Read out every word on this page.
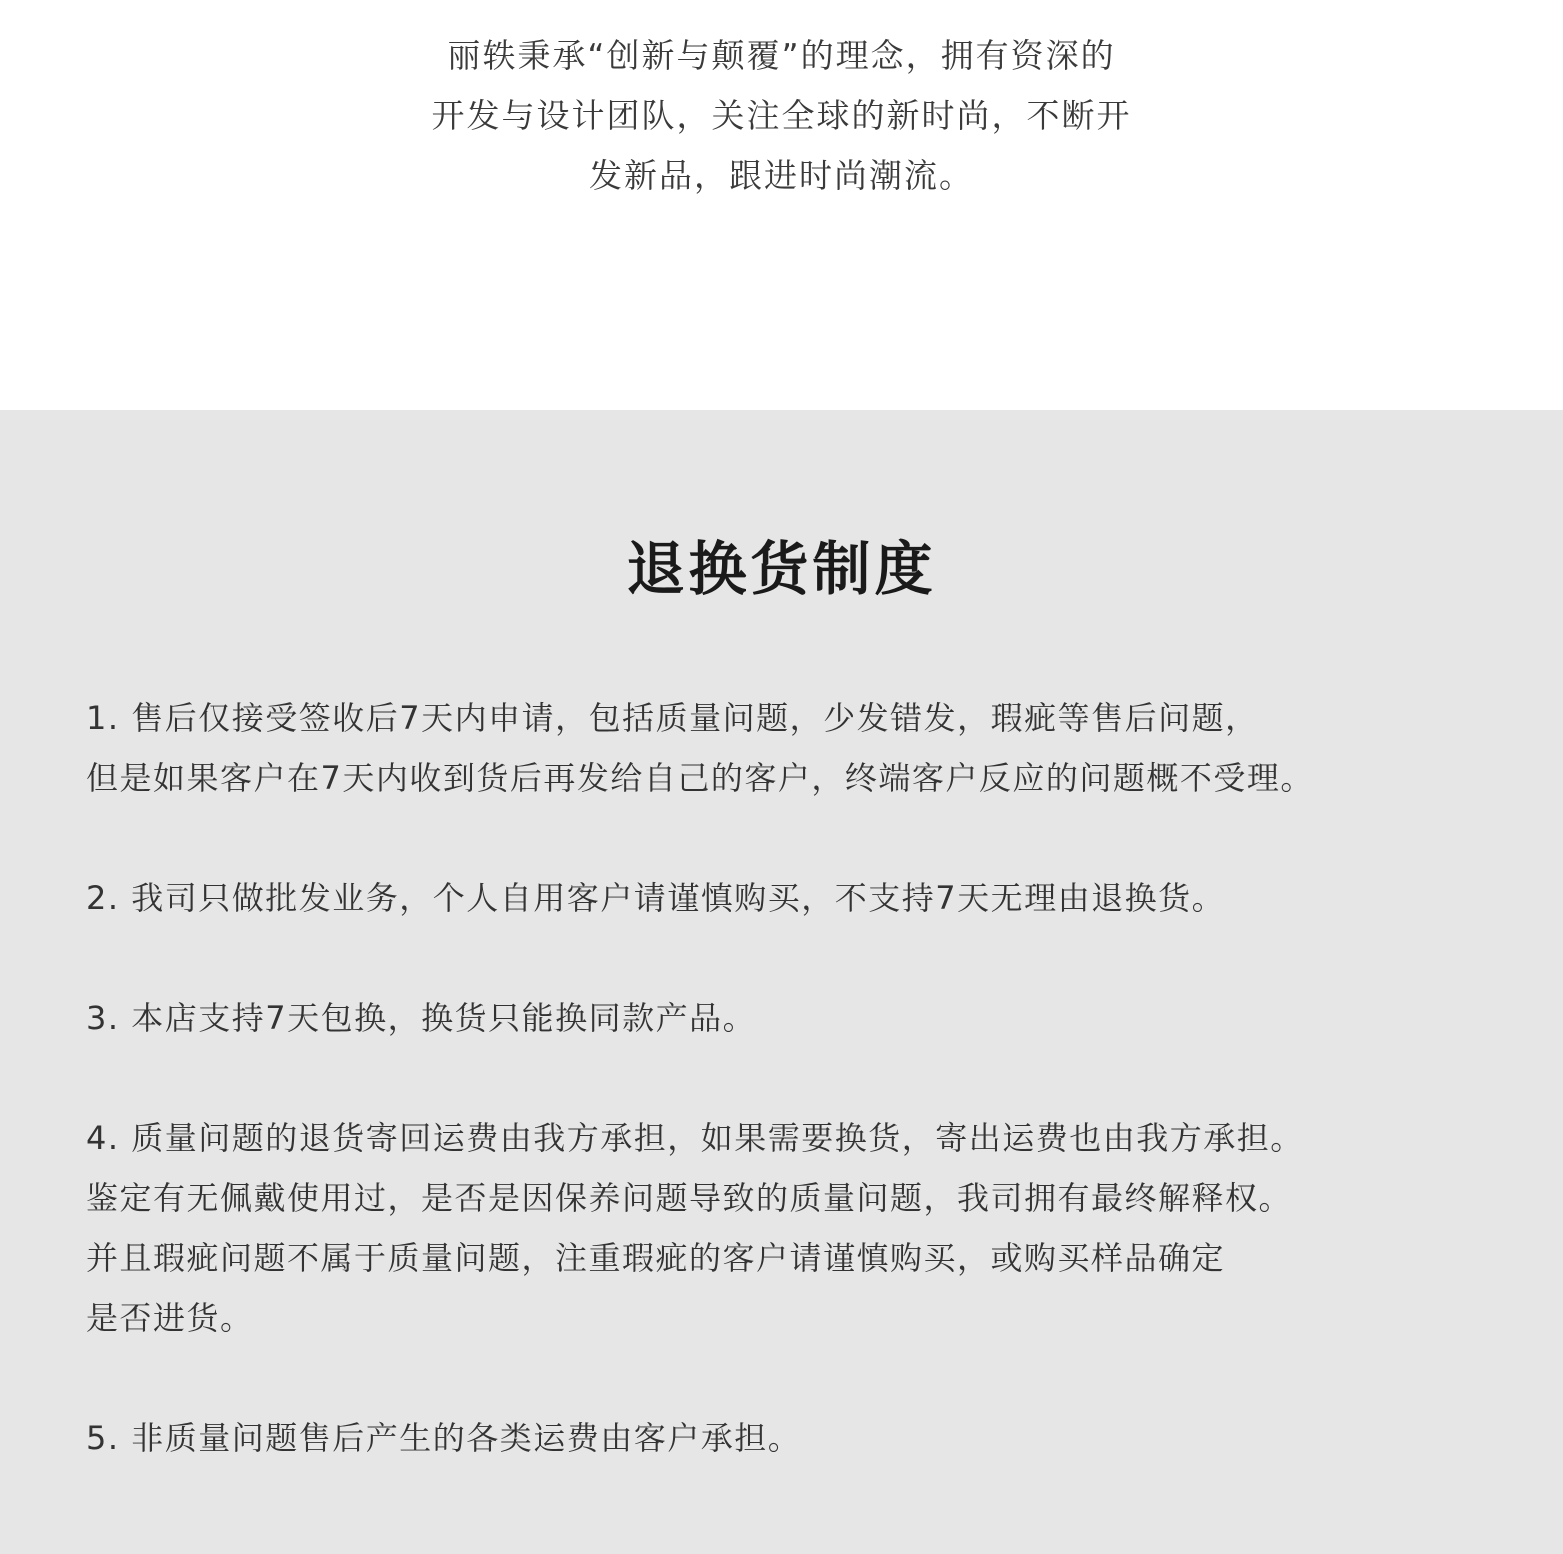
丽轶秉承“创新与颠覆”的理念，拥有资深的
开发与设计团队，关注全球的新时尚，不断开
发新品，跟进时尚潮流。
退换货制度
1. 售后仅接受签收后7天内申请，包括质量问题，少发错发，瑕疵等售后问题，
但是如果客户在7天内收到货后再发给自己的客户，终端客户反应的问题概不受理。
2. 我司只做批发业务，个人自用客户请谨慎购买，不支持7天无理由退换货。
3. 本店支持7天包换，换货只能换同款产品。
4. 质量问题的退货寄回运费由我方承担，如果需要换货，寄出运费也由我方承担。
鉴定有无佩戴使用过，是否是因保养问题导致的质量问题，我司拥有最终解释权。
并且瑕疵问题不属于质量问题，注重瑕疵的客户请谨慎购买，或购买样品确定
是否进货。
5. 非质量问题售后产生的各类运费由客户承担。
